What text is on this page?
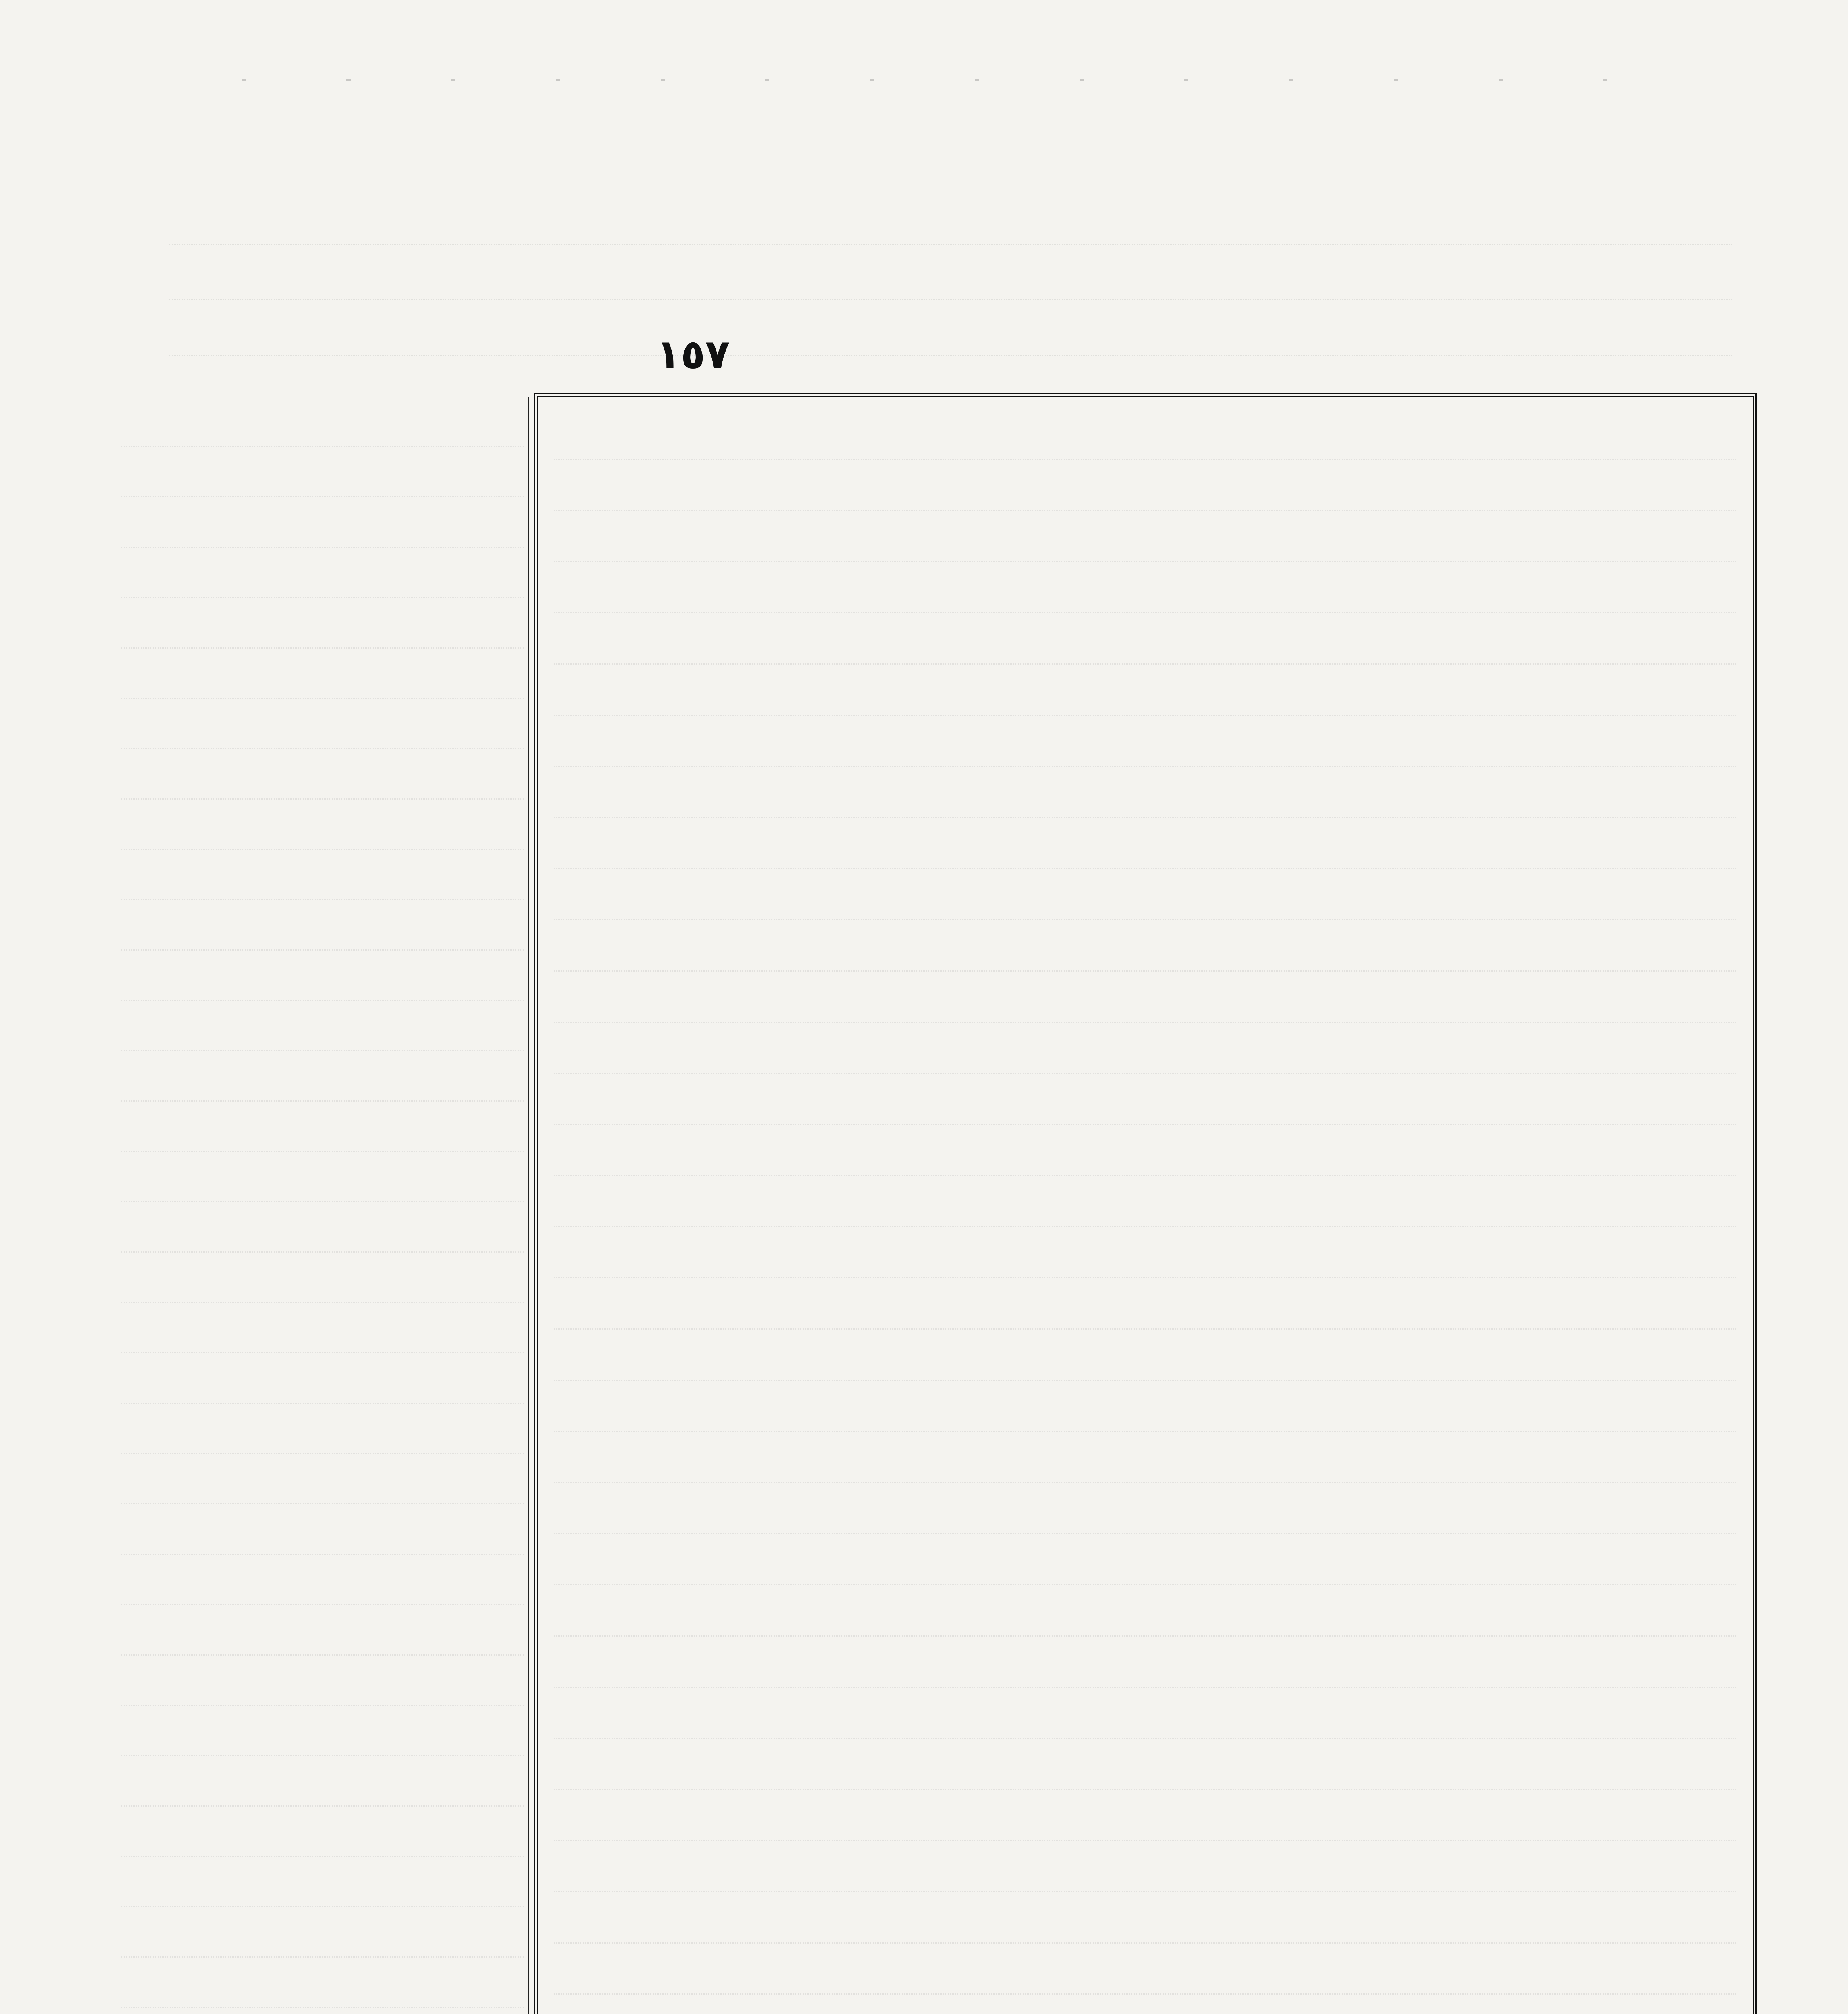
١٥٧
